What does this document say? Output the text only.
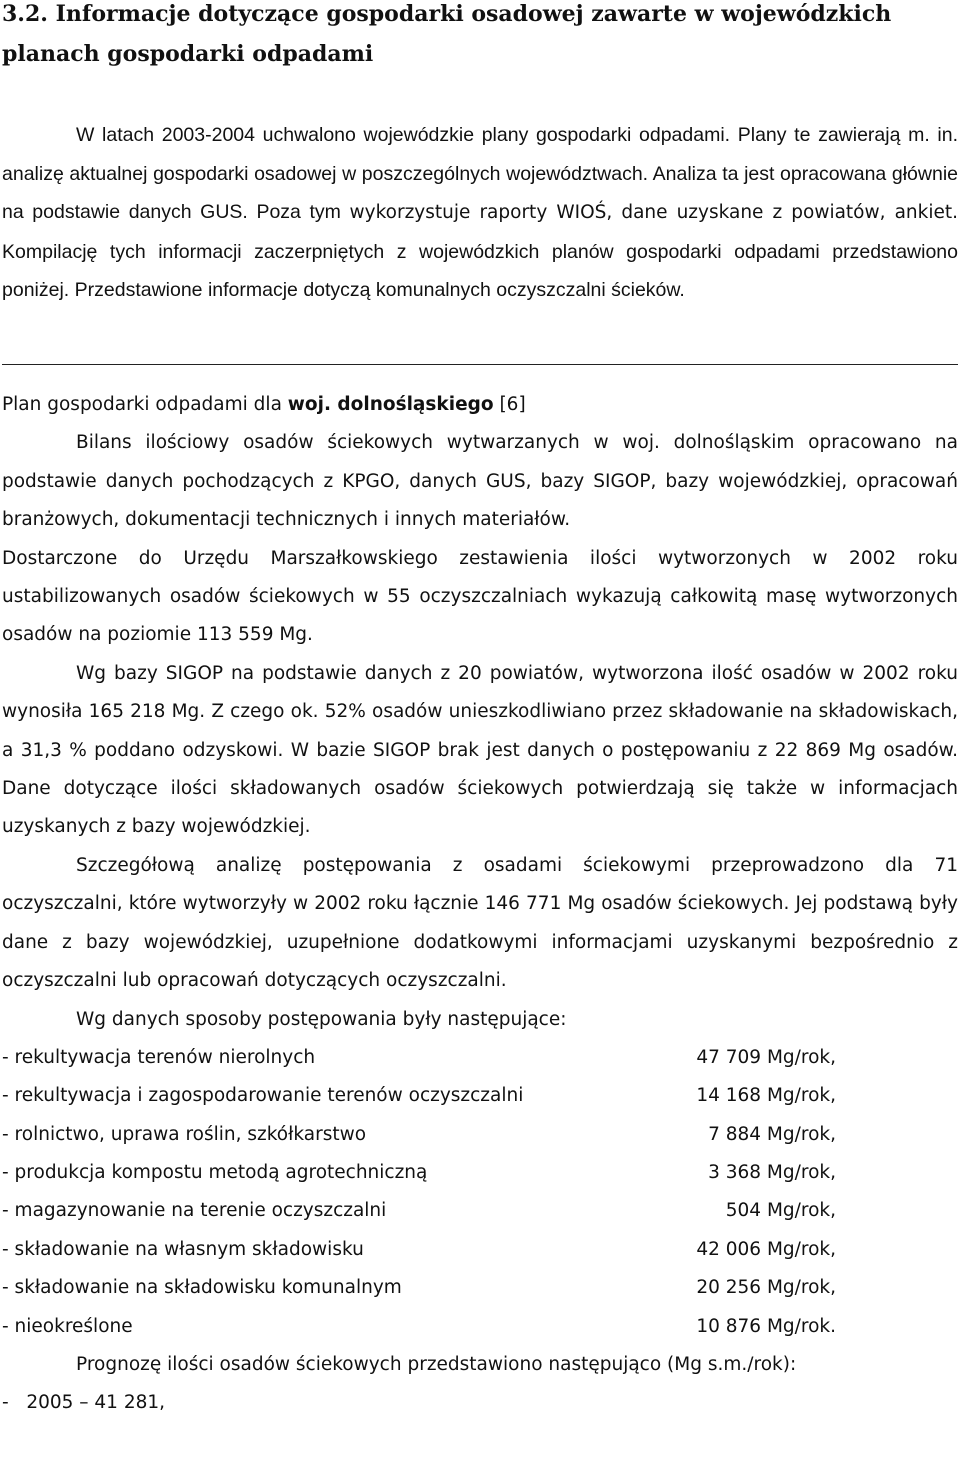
3.2. Informacje dotyczące gospodarki osadowej zawarte w wojewódzkich planach gospodarki odpadami

W latach 2003-2004 uchwalono wojewódzkie plany gospodarki odpadami. Plany te zawierają m. in. analizę aktualnej gospodarki osadowej w poszczególnych województwach. Analiza ta jest opracowana głównie na podstawie danych GUS. Poza tym wykorzystuje raporty WIOŚ, dane uzyskane z powiatów, ankiet. Kompilację tych informacji zaczerpniętych z wojewódzkich planów gospodarki odpadami przedstawiono poniżej. Przedstawione informacje dotyczą komunalnych oczyszczalni ścieków.

Plan gospodarki odpadami dla woj. dolnośląskiego [6]

Bilans ilościowy osadów ściekowych wytwarzanych w woj. dolnośląskim opracowano na podstawie danych pochodzących z KPGO, danych GUS, bazy SIGOP, bazy wojewódzkiej, opracowań branżowych, dokumentacji technicznych i innych materiałów.

Dostarczone do Urzędu Marszałkowskiego zestawienia ilości wytworzonych w 2002 roku ustabilizowanych osadów ściekowych w 55 oczyszczalniach wykazują całkowitą masę wytworzonych osadów na poziomie 113 559 Mg.

Wg bazy SIGOP na podstawie danych z 20 powiatów, wytworzona ilość osadów w 2002 roku wynosiła 165 218 Mg. Z czego ok. 52% osadów unieszkodliwiano przez składowanie na składowiskach, a 31,3 % poddano odzyskowi. W bazie SIGOP brak jest danych o postępowaniu z 22 869 Mg osadów. Dane dotyczące ilości składowanych osadów ściekowych potwierdzają się także w informacjach uzyskanych z bazy wojewódzkiej.

Szczegółową analizę postępowania z osadami ściekowymi przeprowadzono dla 71 oczyszczalni, które wytworzyły w 2002 roku łącznie 146 771 Mg osadów ściekowych. Jej podstawą były dane z bazy wojewódzkiej, uzupełnione dodatkowymi informacjami uzyskanymi bezpośrednio z oczyszczalni lub opracowań dotyczących oczyszczalni.

Wg danych sposoby postępowania były następujące:

- rekultywacja terenów nierolnych	47 709 Mg/rok,
- rekultywacja i zagospodarowanie terenów oczyszczalni	14 168 Mg/rok,
- rolnictwo, uprawa roślin, szkółkarstwo	7 884 Mg/rok,
- produkcja kompostu metodą agrotechniczną	3 368 Mg/rok,
- magazynowanie na terenie oczyszczalni	504 Mg/rok,
- składowanie na własnym składowisku	42 006 Mg/rok,
- składowanie na składowisku komunalnym	20 256 Mg/rok,
- nieokreślone	10 876 Mg/rok.

Prognozę ilości osadów ściekowych przedstawiono następująco (Mg s.m./rok):

-   2005 – 41 281,
